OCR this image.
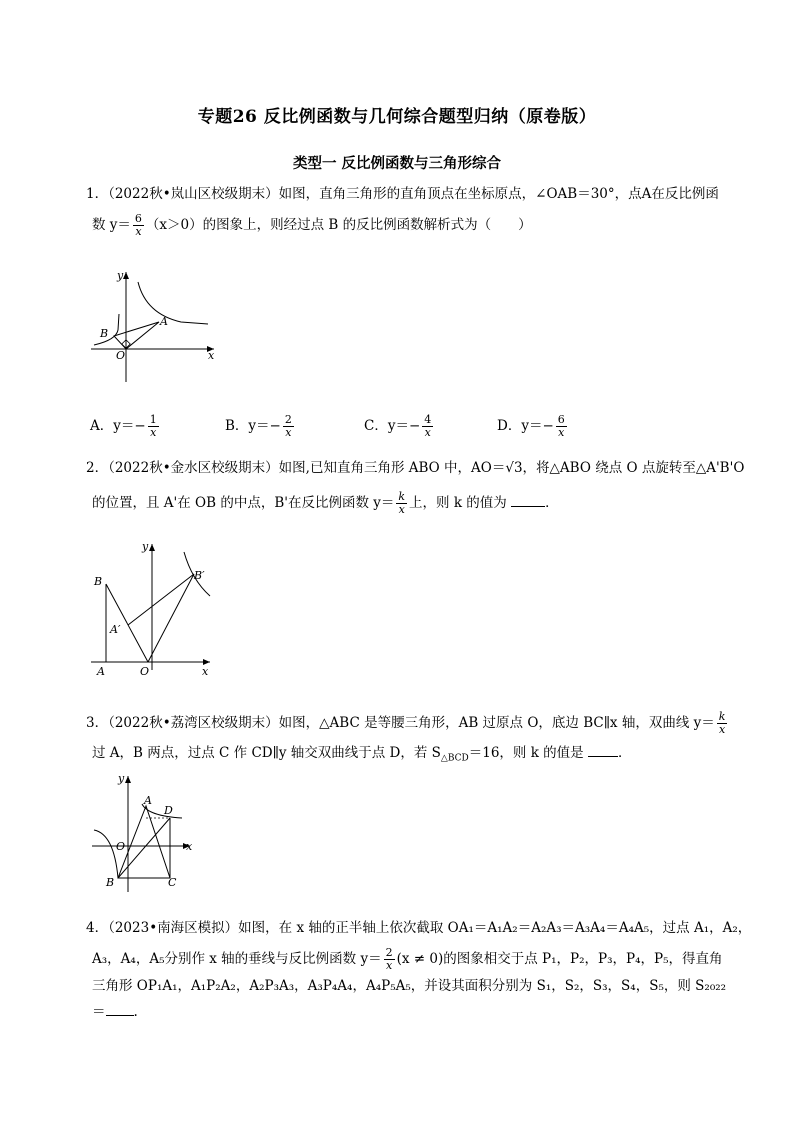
专题26 反比例函数与几何综合题型归纳（原卷版）
类型一 反比例函数与三角形综合
1．（2022秋•岚山区校级期末）如图，直角三角形的直角顶点在坐标原点，∠OAB＝30°，点A在反比例函
数 $y= \frac{6}{x} (x>0)$的图象上，则经过点 B 的反比例函数解析式为（　　）
y
x
A
B
O
A．$y=- \frac{1}{x}$	B．$y=- \frac{2}{x}$	C．$y=- \frac{4}{x}$	D．$y=- \frac{6}{x}$
2．（2022秋•金水区校级期末）如图,已知直角三角形 ABO 中，AO＝√3，将△ABO 绕点 O 点旋转至△A'B'O
的位置，且 A'在 OB 的中点，B'在反比例函数 $y= \frac{k}{x}$ 上，则 k 的值为	．
y
x
B	B′
A′
A	O
3．（2022秋•荔湾区校级期末）如图，△ABC 是等腰三角形，AB 过原点 O，底边 BC∥x 轴，双曲线 $y= \frac{k}{x}$
过 A，B 两点，过点 C 作 CD∥y 轴交双曲线于点 D，若 $S_{\triangle BCD}=16$，则 k 的值是	．
y
x
A
D
O
B	C
4．（2023•南海区模拟）如图，在 x 轴的正半轴上依次截取 OA₁＝A₁A₂＝A₂A₃＝A₃A₄＝A₄A₅，过点 A₁，A₂，
A₃，A₄，A₅分别作 x 轴的垂线与反比例函数 $y= \frac{2}{x} (x \ne 0)$的图象相交于点 P₁，P₂，P₃，P₄，P₅，得直角
三角形 OP₁A₁，A₁P₂A₂，A₂P₃A₃，A₃P₄A₄，A₄P₅A₅，并设其面积分别为 S₁，S₂，S₃，S₄，S₅，则 S₂₀₂₂
＝ .
